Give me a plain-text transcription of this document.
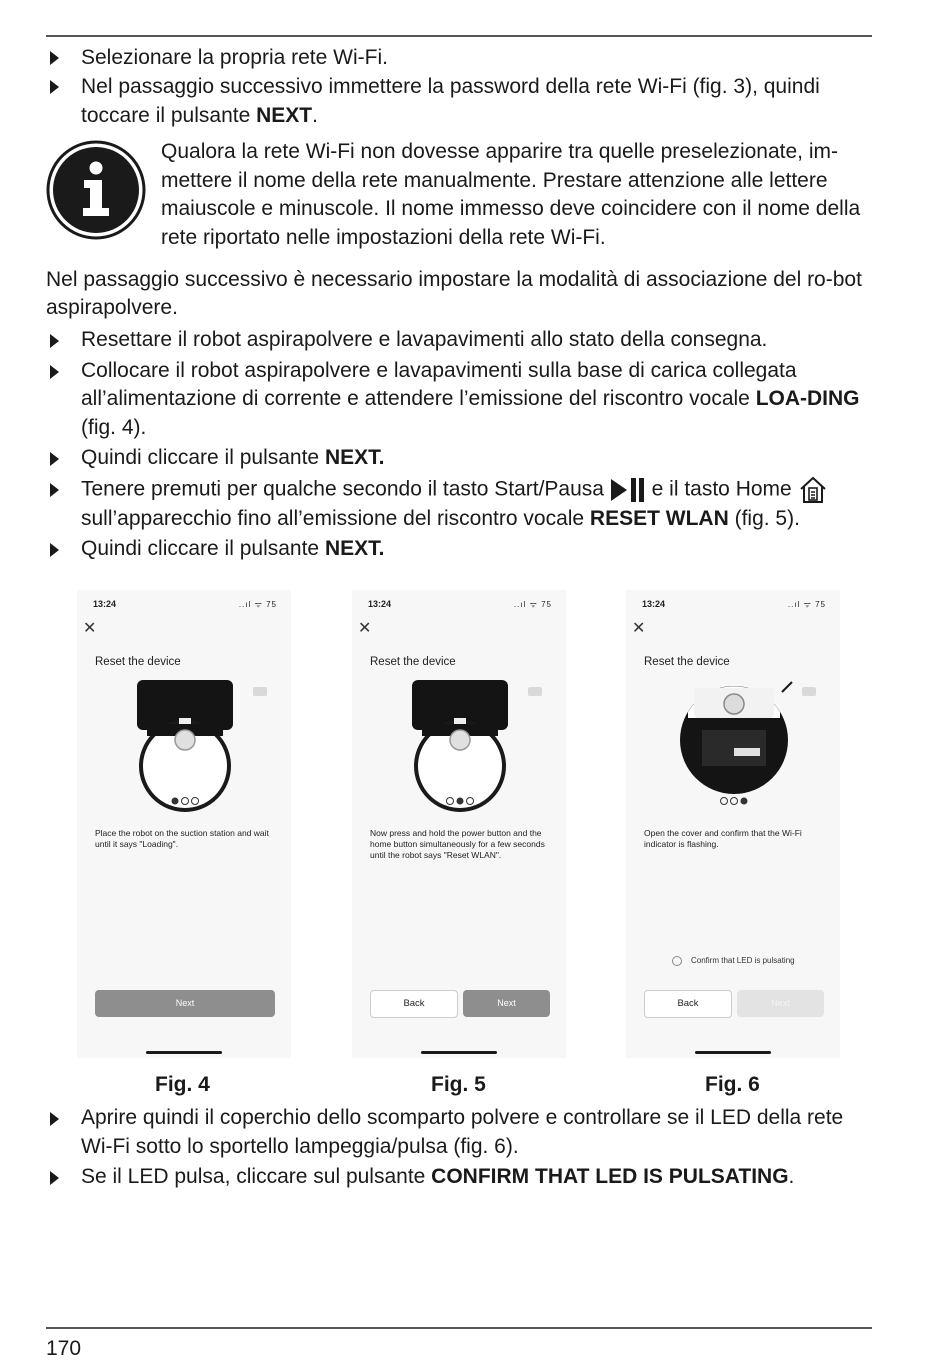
Selezionare la propria rete Wi-Fi.
Nel passaggio successivo immettere la password della rete Wi-Fi (fig. 3), quindi toccare il pulsante NEXT.
Qualora la rete Wi-Fi non dovesse apparire tra quelle preselezionate, im-mettere il nome della rete manualmente. Prestare attenzione alle lettere maiuscole e minuscole. Il nome immesso deve coincidere con il nome della rete riportato nelle impostazioni della rete Wi-Fi.
Nel passaggio successivo è necessario impostare la modalità di associazione del ro-bot aspirapolvere.
Resettare il robot aspirapolvere e lavapavimenti allo stato della consegna.
Collocare il robot aspirapolvere e lavapavimenti sulla base di carica collegata all’alimentazione di corrente e attendere l’emissione del riscontro vocale LOA-DING (fig. 4).
Quindi cliccare il pulsante NEXT.
Tenere premuti per qualche secondo il tasto Start/Pausa  e il tasto Home
sull’apparecchio fino all’emissione del riscontro vocale RESET WLAN (fig. 5).
Quindi cliccare il pulsante NEXT.
13:24	..ıl ᯤ 75
✕
Reset the device
Place the robot on the suction station and wait until it says "Loading".
Next
13:24	..ıl ᯤ 75
✕
Reset the device
Now press and hold the power button and the home button simultaneously for a few seconds until the robot says "Reset WLAN".
Back	Next
13:24	..ıl ᯤ 75
✕
Reset the device
Open the cover and confirm that the Wi-Fi indicator is flashing.
Confirm that LED is pulsating
Back	Next
Fig. 4	Fig. 5	Fig. 6
Aprire quindi il coperchio dello scomparto polvere e controllare se il LED della rete Wi-Fi sotto lo sportello lampeggia/pulsa (fig. 6).
Se il LED pulsa, cliccare sul pulsante CONFIRM THAT LED IS PULSATING.
170
